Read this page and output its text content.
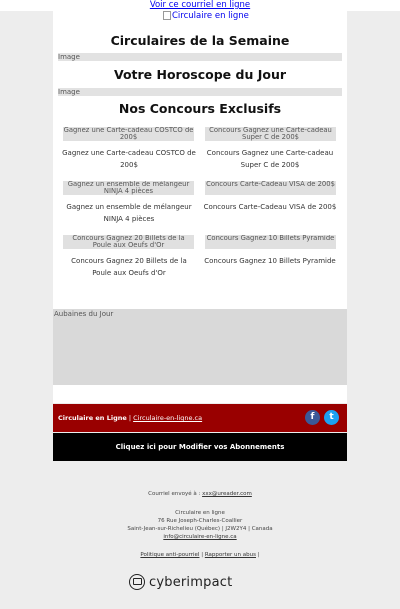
Voir ce courriel en ligne
Circulaire en ligne
Circulaires de la Semaine
Image
Votre Horoscope du Jour
Image
Nos Concours Exclusifs
Gagnez une Carte-cadeau COSTCO de 200$
Gagnez une Carte-cadeau COSTCO de 200$
Concours Gagnez une Carte-cadeau Super C de 200$
Concours Gagnez une Carte-cadeau Super C de 200$
Gagnez un ensemble de mélangeur NINJA 4 pièces
Gagnez un ensemble de mélangeur NINJA 4 pièces
Concours Carte-Cadeau VISA de 200$
Concours Carte-Cadeau VISA de 200$
Concours Gagnez 20 Billets de la Poule aux Oeufs d'Or
Concours Gagnez 20 Billets de la Poule aux Oeufs d'Or
Concours Gagnez 10 Billets Pyramide
Concours Gagnez 10 Billets Pyramide
Aubaines du Jour
Circulaire en Ligne | Circulaire-en-ligne.ca	f	t
Cliquez ici pour Modifier vos Abonnements
Courriel envoyé à : xxx@ureader.com
Circulaire en ligne
76 Rue Joseph-Charles-Coallier
Saint-Jean-sur-Richelieu (Québec) | J2W2Y4 | Canada
info@circulaire-en-ligne.ca
Politique anti-pourriel | Rapporter un abus |
cyberimpact
